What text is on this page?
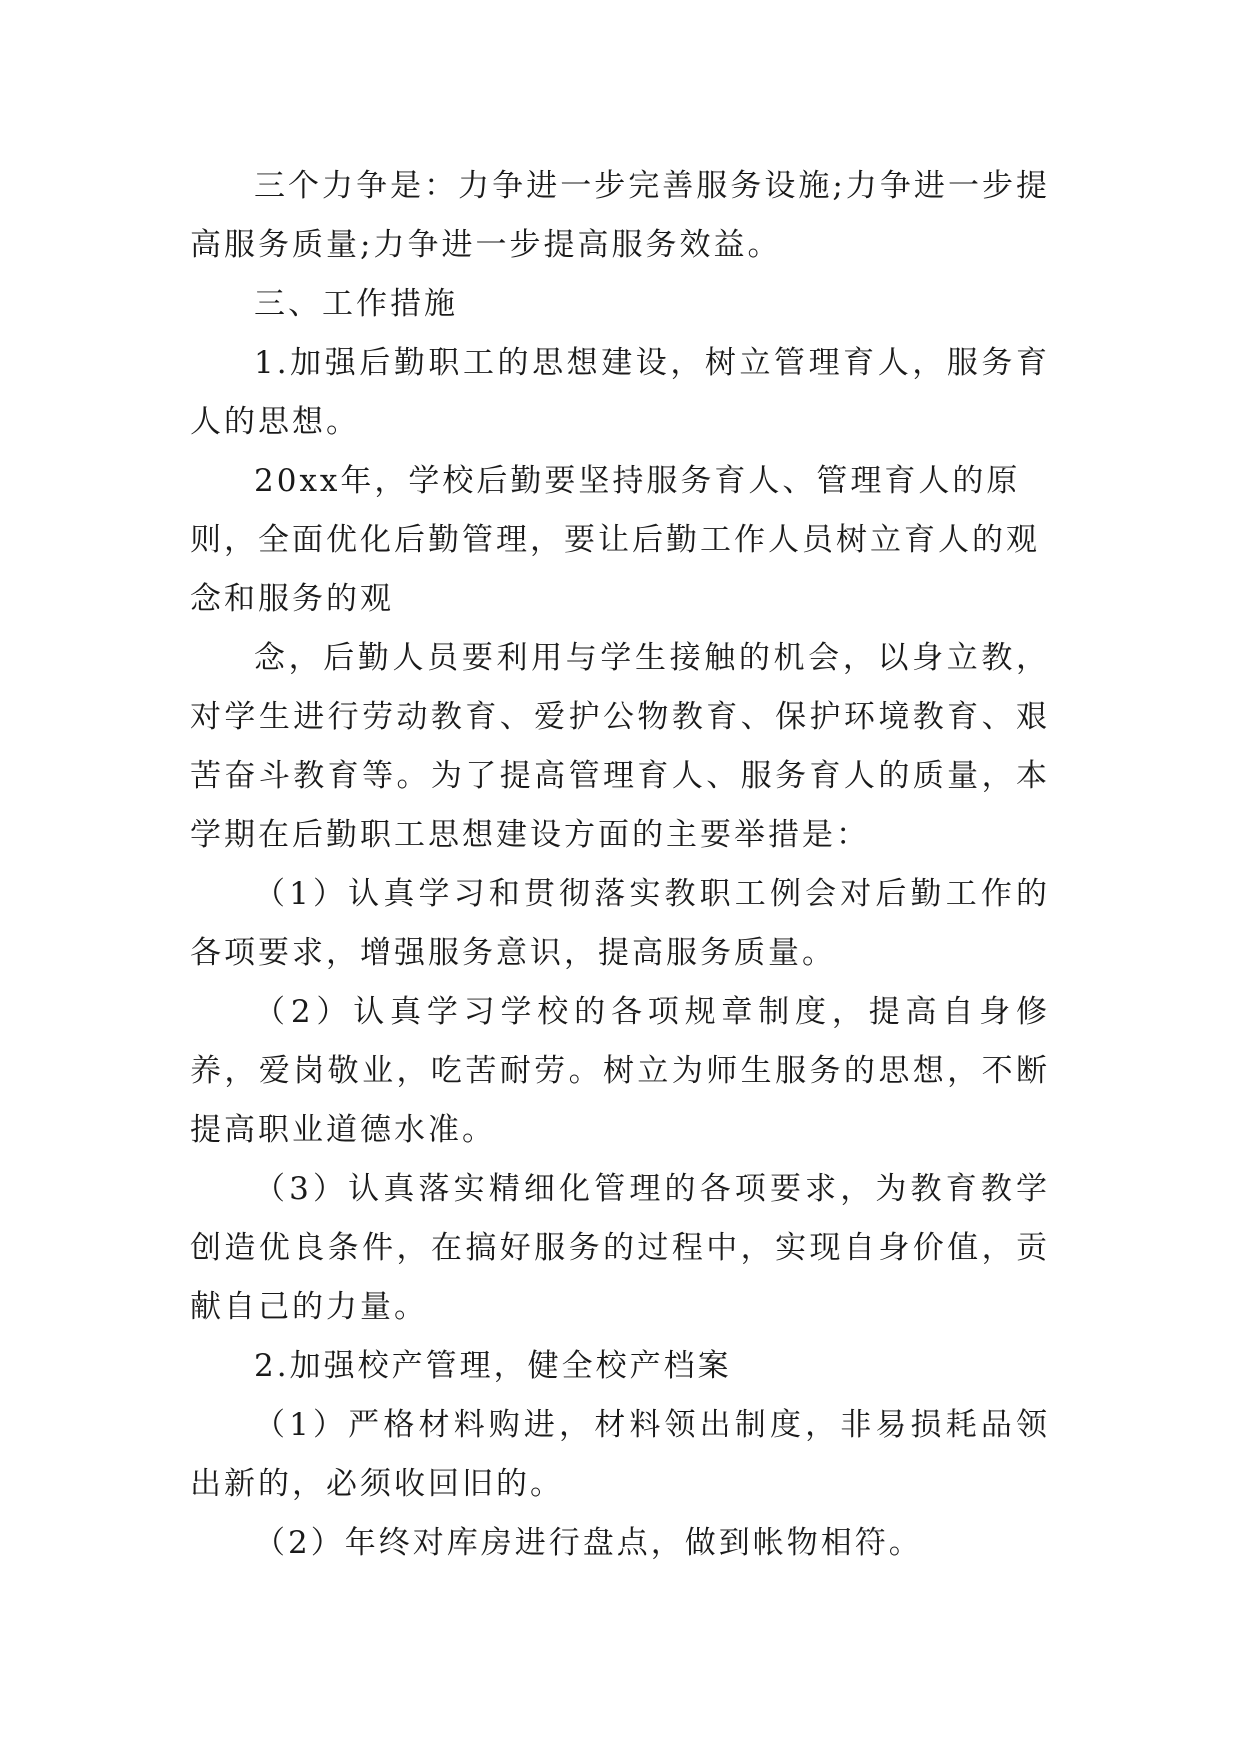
三个力争是：力争进一步完善服务设施;力争进一步提高服务质量;力争进一步提高服务效益。

三、工作措施

1.加强后勤职工的思想建设，树立管理育人，服务育人的思想。

20xx年，学校后勤要坚持服务育人、管理育人的原则，全面优化后勤管理，要让后勤工作人员树立育人的观念和服务的观

念，后勤人员要利用与学生接触的机会，以身立教，对学生进行劳动教育、爱护公物教育、保护环境教育、艰苦奋斗教育等。为了提高管理育人、服务育人的质量，本学期在后勤职工思想建设方面的主要举措是：

（1）认真学习和贯彻落实教职工例会对后勤工作的各项要求，增强服务意识，提高服务质量。

（2）认真学习学校的各项规章制度，提高自身修养，爱岗敬业，吃苦耐劳。树立为师生服务的思想，不断提高职业道德水准。

（3）认真落实精细化管理的各项要求，为教育教学创造优良条件，在搞好服务的过程中，实现自身价值，贡献自己的力量。

2.加强校产管理，健全校产档案

（1）严格材料购进，材料领出制度，非易损耗品领出新的，必须收回旧的。

（2）年终对库房进行盘点，做到帐物相符。
